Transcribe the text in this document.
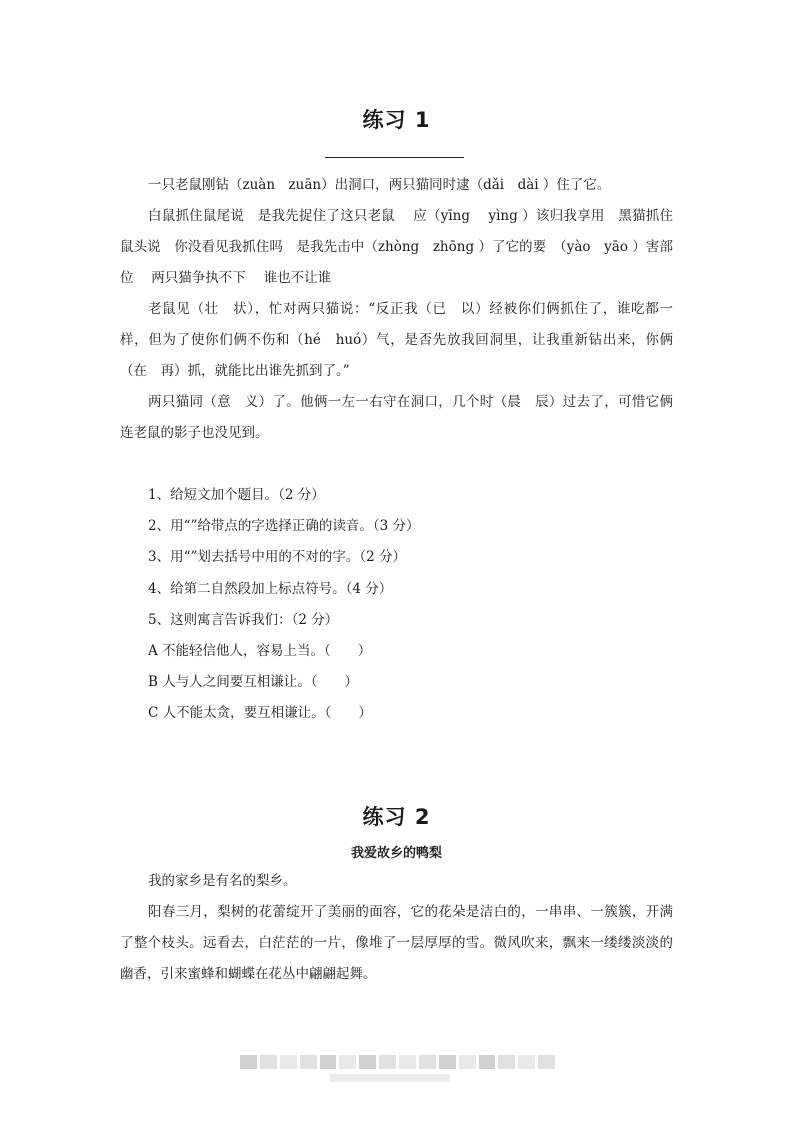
练习 1

一只老鼠刚钻（zuàn　zuān）出洞口，两只猫同时逮（dǎi　dài ）住了它。

白鼠抓住鼠尾说　是我先捉住了这只老鼠　 应（yīng　 yìng ）该归我享用　黑猫抓住鼠头说　你没看见我抓住吗　是我先击中（zhòng　zhōng ）了它的要　（yào　yāo ）害部位　 两只猫争执不下　 谁也不让谁

老鼠见（壮　状），忙对两只猫说：“反正我（已　以）经被你们俩抓住了，谁吃都一样，但为了使你们俩不伤和（hé　huó）气，是否先放我回洞里，让我重新钻出来，你俩（在　再）抓，就能比出谁先抓到了。”

两只猫同（意　义）了。他俩一左一右守在洞口，几个时（晨　辰）过去了，可惜它俩连老鼠的影子也没见到。

1、给短文加个题目。（2 分）

2、用“”给带点的字选择正确的读音。（3 分）

3、用“”划去括号中用的不对的字。（2 分）

4、给第二自然段加上标点符号。（4 分）

5、这则寓言告诉我们：（2 分）

A 不能轻信他人，容易上当。（　　）

B 人与人之间要互相谦让。（　　）

C 人不能太贪，要互相谦让。（　　）

练习 2
我爱故乡的鸭梨

我的家乡是有名的梨乡。

阳春三月，梨树的花蕾绽开了美丽的面容，它的花朵是洁白的，一串串、一簇簇，开满了整个枝头。远看去，白茫茫的一片，像堆了一层厚厚的雪。微风吹来，飘来一缕缕淡淡的幽香，引来蜜蜂和蝴蝶在花丛中翩翩起舞。
